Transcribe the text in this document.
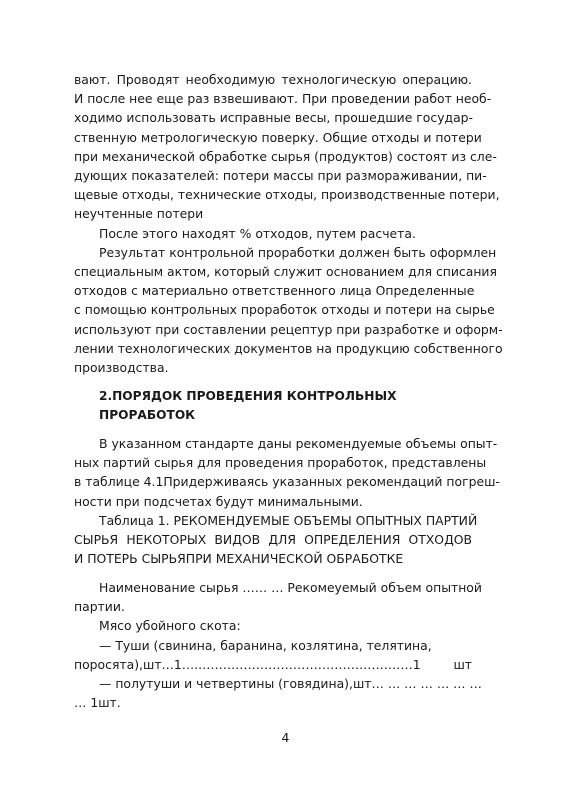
вают. Проводят необходимую технологическую операцию.
И после нее еще раз взвешивают. При проведении работ необ-
ходимо использовать исправные весы, прошедшие государ-
ственную метрологическую поверку. Общие отходы и потери
при механической обработке сырья (продуктов) состоят из сле-
дующих показателей: потери массы при размораживании, пи-
щевые отходы, технические отходы, производственные потери,
неучтенные потери
После этого находят % отходов, путем расчета.
Результат контрольной проработки должен быть оформлен
специальным актом, который служит основанием для списания
отходов с материально ответственного лица Определенные
с помощью контрольных проработок отходы и потери на сырье
используют при составлении рецептур при разработке и оформ-
лении технологических документов на продукцию собственного
производства.
2.ПОРЯДОК ПРОВЕДЕНИЯ КОНТРОЛЬНЫХ
ПРОРАБОТОК
В указанном стандарте даны рекомендуемые объемы опыт-
ных партий сырья для проведения проработок, представлены
в таблице 4.1Придерживаясь указанных рекомендаций погреш-
ности при подсчетах будут минимальными.
Таблица 1. РЕКОМЕНДУЕМЫЕ ОБЪЕМЫ ОПЫТНЫХ ПАРТИЙ
СЫРЬЯ НЕКОТОРЫХ ВИДОВ ДЛЯ ОПРЕДЕЛЕНИЯ ОТХОДОВ
И ПОТЕРЬ СЫРЬЯПРИ МЕХАНИЧЕСКОЙ ОБРАБОТКЕ
Наименование сырья …… … Рекомеуемый объем опытной
партии.
Мясо убойного скота:
— Туши (свинина, баранина, козлятина, телятина,
поросята),шт…1…..……………………………………………1 шт
— полутуши и четвертины (говядина),шт… … … … … … …
… 1шт.
4
